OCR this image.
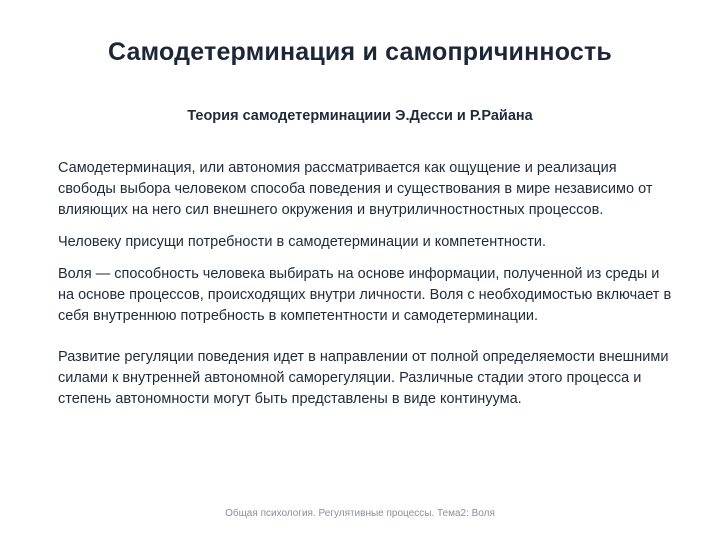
Самодетерминация и самопричинность
Теория самодетерминациии Э.Десси и Р.Райана

Самодетерминация, или автономия рассматривается как ощущение и реализация свободы выбора человеком способа поведения и существования в мире независимо от влияющих на него сил внешнего окружения и внутриличностностных процессов.

Человеку присущи потребности в самодетерминации и компетентности.

Воля — способность человека выбирать на основе информации, полученной из среды и на основе процессов, происходящих внутри личности. Воля с необходимостью включает в себя внутреннюю потребность в компетентности и самодетерминации.

Развитие регуляции поведения идет в направлении от полной определяемости внешними силами к внутренней автономной саморегуляции. Различные стадии этого процесса и степень автономности могут быть представлены в виде континуума.

Общая психология. Регулятивные процессы. Тема2: Воля
